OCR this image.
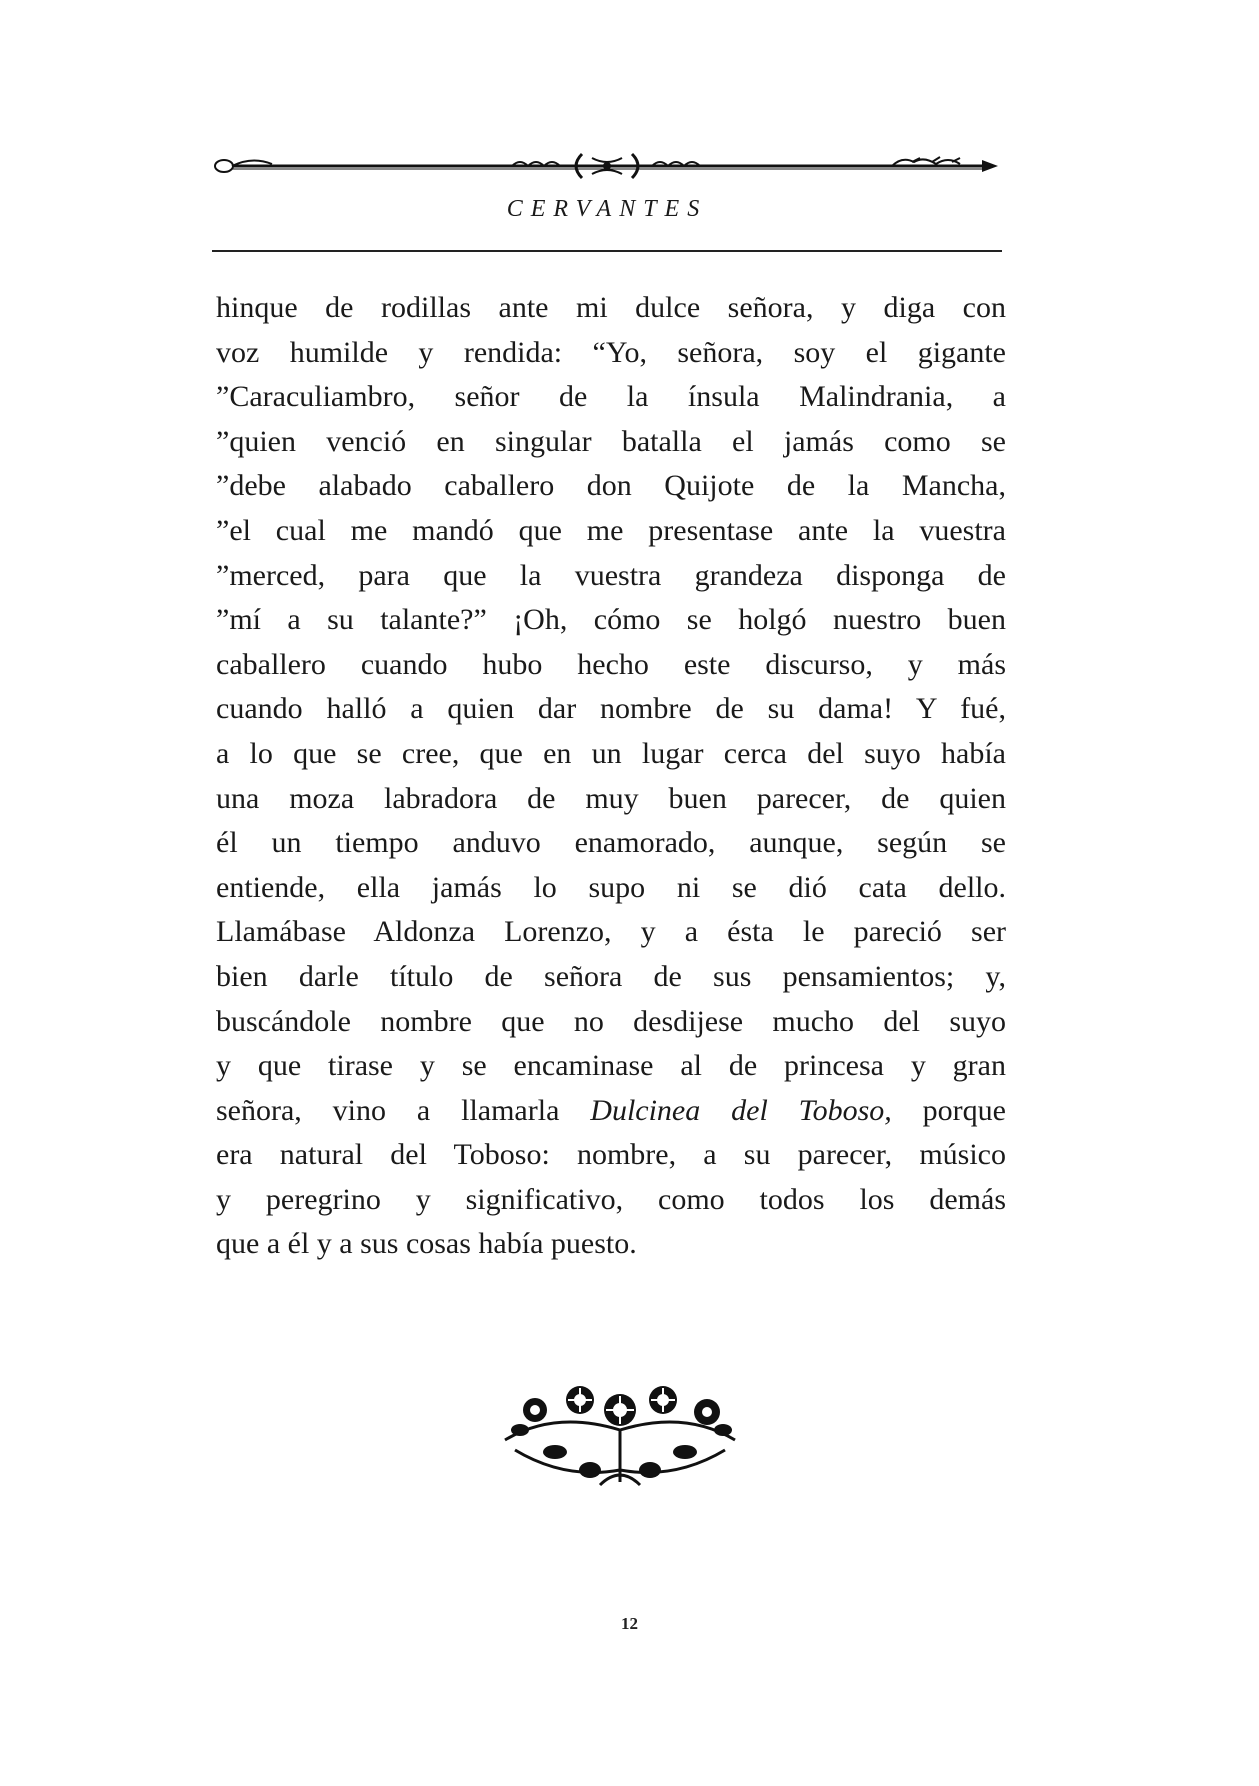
CERVANTES
hinque de rodillas ante mi dulce señora, y diga con
voz humilde y rendida: “Yo, señora, soy el gigante
”Caraculiambro, señor de la ínsula Malindrania, a
”quien venció en singular batalla el jamás como se
”debe alabado caballero don Quijote de la Mancha,
”el cual me mandó que me presentase ante la vuestra
”merced, para que la vuestra grandeza disponga de
”mí a su talante?” ¡Oh, cómo se holgó nuestro buen
caballero cuando hubo hecho este discurso, y más
cuando halló a quien dar nombre de su dama! Y fué,
a lo que se cree, que en un lugar cerca del suyo había
una moza labradora de muy buen parecer, de quien
él un tiempo anduvo enamorado, aunque, según se
entiende, ella jamás lo supo ni se dió cata dello.
Llamábase Aldonza Lorenzo, y a ésta le pareció ser
bien darle título de señora de sus pensamientos; y,
buscándole nombre que no desdijese mucho del suyo
y que tirase y se encaminase al de princesa y gran
señora, vino a llamarla Dulcinea del Toboso, porque
era natural del Toboso: nombre, a su parecer, músico
y peregrino y significativo, como todos los demás
que a él y a sus cosas había puesto.
12
